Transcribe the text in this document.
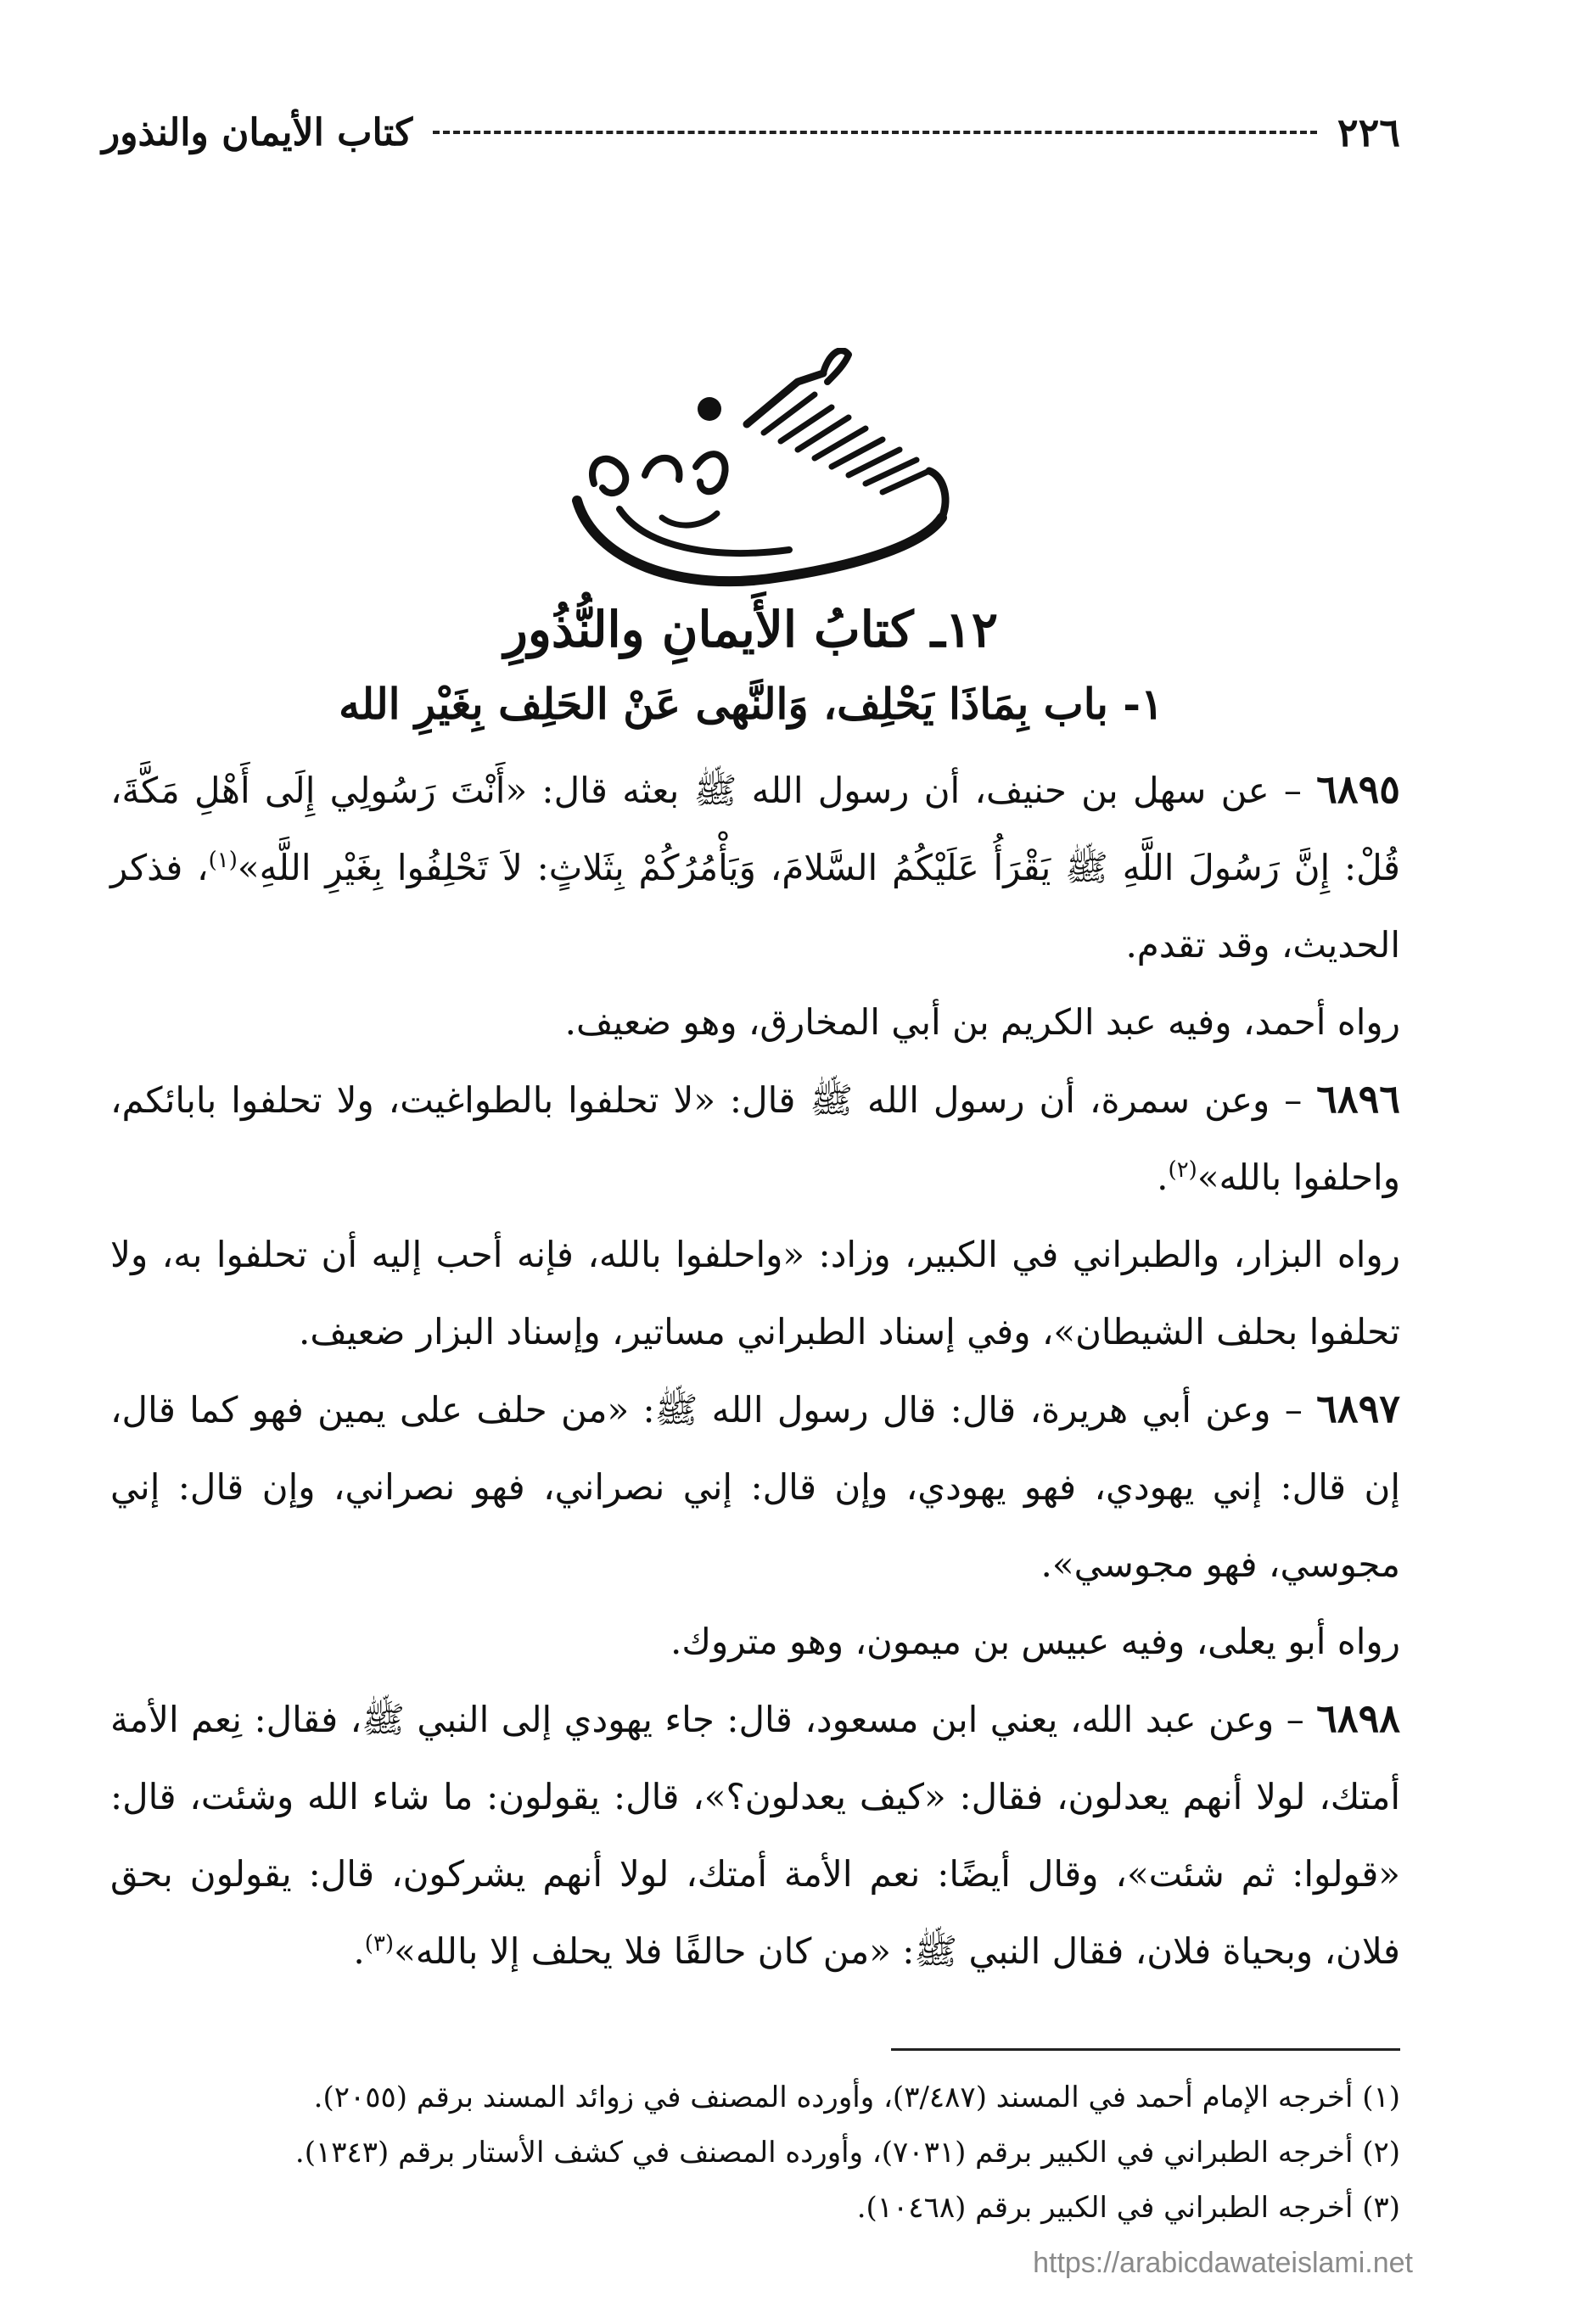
٢٢٦
كتاب الأيمان والنذور
١٢ـ كتابُ الأَيمانِ والنُّذُورِ
١- باب بِمَاذَا يَحْلِف، وَالنَّهى عَنْ الحَلِف بِغَيْرِ الله

٦٨٩٥ – عن سهل بن حنيف، أن رسول الله ﷺ بعثه قال: «أَنْتَ رَسُولِي إِلَى أَهْلِ مَكَّةَ، قُلْ: إِنَّ رَسُولَ اللَّهِ ﷺ يَقْرَأُ عَلَيْكُمُ السَّلامَ، وَيَأْمُرُكُمْ بِثَلاثٍ: لاَ تَحْلِفُوا بِغَيْرِ اللَّهِ»$^{(١)}$، فذكر الحديث، وقد تقدم.

رواه أحمد، وفيه عبد الكريم بن أبي المخارق، وهو ضعيف.

٦٨٩٦ – وعن سمرة، أن رسول الله ﷺ قال: «لا تحلفوا بالطواغيت، ولا تحلفوا بابائكم، واحلفوا بالله»$^{(٢)}$.

رواه البزار، والطبراني في الكبير، وزاد: «واحلفوا بالله، فإنه أحب إليه أن تحلفوا به، ولا تحلفوا بحلف الشيطان»، وفي إسناد الطبراني مساتير، وإسناد البزار ضعيف.

٦٨٩٧ – وعن أبي هريرة، قال: قال رسول الله ﷺ: «من حلف على يمين فهو كما قال، إن قال: إني يهودي، فهو يهودي، وإن قال: إني نصراني، فهو نصراني، وإن قال: إني مجوسي، فهو مجوسي».

رواه أبو يعلى، وفيه عبيس بن ميمون، وهو متروك.

٦٨٩٨ – وعن عبد الله، يعني ابن مسعود، قال: جاء يهودي إلى النبي ﷺ، فقال: نِعم الأمة أمتك، لولا أنهم يعدلون، فقال: «كيف يعدلون؟»، قال: يقولون: ما شاء الله وشئت، قال: «قولوا: ثم شئت»، وقال أيضًا: نعم الأمة أمتك، لولا أنهم يشركون، قال: يقولون بحق فلان، وبحياة فلان، فقال النبي ﷺ: «من كان حالفًا فلا يحلف إلا بالله»$^{(٣)}$.

(١) أخرجه الإمام أحمد في المسند (٣/٤٨٧)، وأورده المصنف في زوائد المسند برقم (٢٠٥٥).

(٢) أخرجه الطبراني في الكبير برقم (٧٠٣١)، وأورده المصنف في كشف الأستار برقم (١٣٤٣).

(٣) أخرجه الطبراني في الكبير برقم (١٠٤٦٨).

https://arabicdawateislami.net
